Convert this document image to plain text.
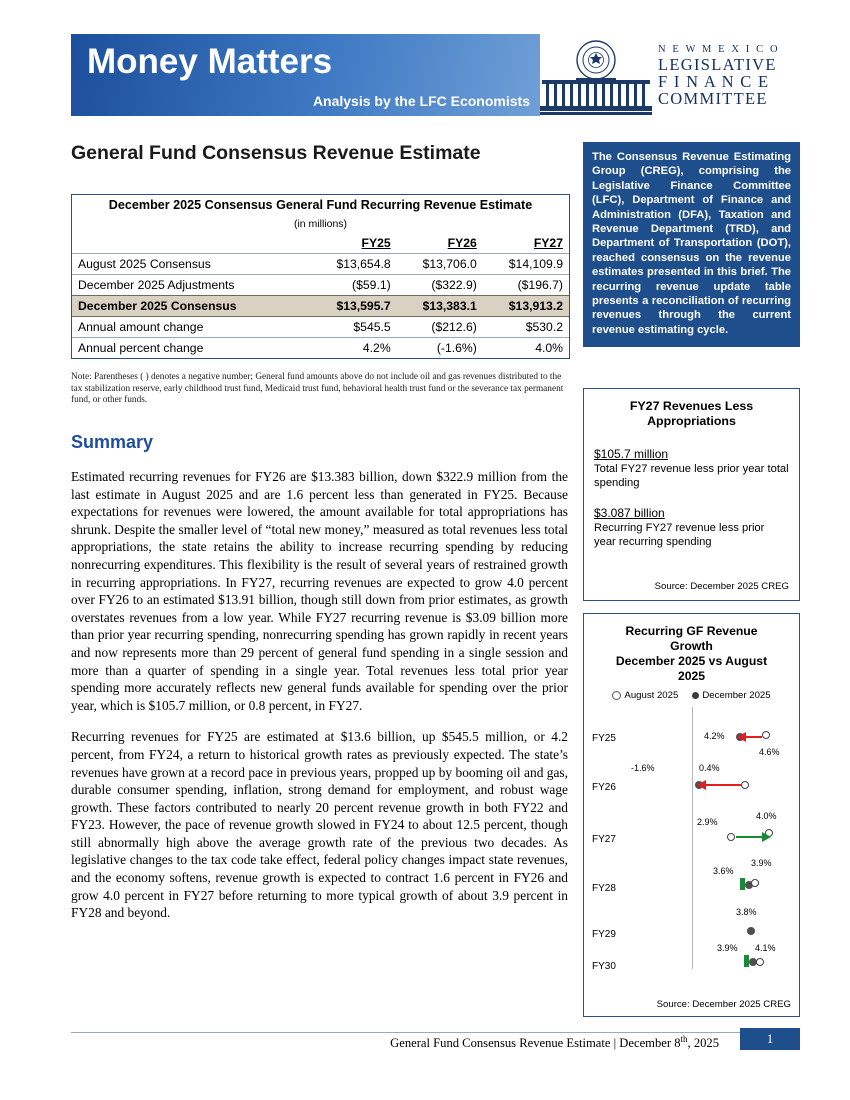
Money Matters
Analysis by the LFC Economists
N E W M E X I C O
LEGISLATIVE
F I N A N C E
COMMITTEE
General Fund Consensus Revenue Estimate
December 2025 Consensus General Fund Recurring Revenue Estimate			
(in millions)			
	FY25	FY26	FY27
August 2025 Consensus	$13,654.8	$13,706.0	$14,109.9
December 2025 Adjustments	($59.1)	($322.9)	($196.7)
December 2025 Consensus	$13,595.7	$13,383.1	$13,913.2
Annual amount change	$545.5	($212.6)	$530.2
Annual percent change	4.2%	(-1.6%)	4.0%
Note: Parentheses ( ) denotes a negative number; General fund amounts above do not include oil and gas revenues distributed to the tax stabilization reserve, early childhood trust fund, Medicaid trust fund, behavioral health trust fund or the severance tax permanent fund, or other funds.
Summary

Estimated recurring revenues for FY26 are $13.383 billion, down $322.9 million from the last estimate in August 2025 and are 1.6 percent less than generated in FY25. Because expectations for revenues were lowered, the amount available for total appropriations has shrunk. Despite the smaller level of “total new money,” measured as total revenues less total appropriations, the state retains the ability to increase recurring spending by reducing nonrecurring expenditures. This flexibility is the result of several years of restrained growth in recurring appropriations. In FY27, recurring revenues are expected to grow 4.0 percent over FY26 to an estimated $13.91 billion, though still down from prior estimates, as growth overstates revenues from a low year. While FY27 recurring revenue is $3.09 billion more than prior year recurring spending, nonrecurring spending has grown rapidly in recent years and now represents more than 29 percent of general fund spending in a single session and more than a quarter of spending in a single year. Total revenues less total prior year spending more accurately reflects new general funds available for spending over the prior year, which is $105.7 million, or 0.8 percent, in FY27.

Recurring revenues for FY25 are estimated at $13.6 billion, up $545.5 million, or 4.2 percent, from FY24, a return to historical growth rates as previously expected. The state’s revenues have grown at a record pace in previous years, propped up by booming oil and gas, durable consumer spending, inflation, strong demand for employment, and robust wage growth. These factors contributed to nearly 20 percent revenue growth in both FY22 and FY23. However, the pace of revenue growth slowed in FY24 to about 12.5 percent, though still abnormally high above the average growth rate of the previous two decades. As legislative changes to the tax code take effect, federal policy changes impact state revenues, and the economy softens, revenue growth is expected to contract 1.6 percent in FY26 and grow 4.0 percent in FY27 before returning to more typical growth of about 3.9 percent in FY28 and beyond.

The Consensus Revenue Estimating Group (CREG), comprising the Legislative Finance Committee (LFC), Department of Finance and Administration (DFA), Taxation and Revenue Department (TRD), and Department of Transportation (DOT), reached consensus on the revenue estimates presented in this brief. The recurring revenue update table presents a reconciliation of recurring revenues through the current revenue estimating cycle.
FY27 Revenues Less Appropriations
$105.7 million
Total FY27 revenue less prior year total spending
$3.087 billion
Recurring FY27 revenue less prior year recurring spending
Source: December 2025 CREG
Recurring GF Revenue
Growth
December 2025 vs August
2025
August 2025	December 2025
FY25	4.2%
4.6%
FY26
-1.6%	0.4%
FY27
2.9%
4.0%
FY28
3.6%
3.9%
FY29
3.8%
FY30
3.9% 4.1%
Source: December 2025 CREG
General Fund Consensus Revenue Estimate | December 8th, 2025	1
